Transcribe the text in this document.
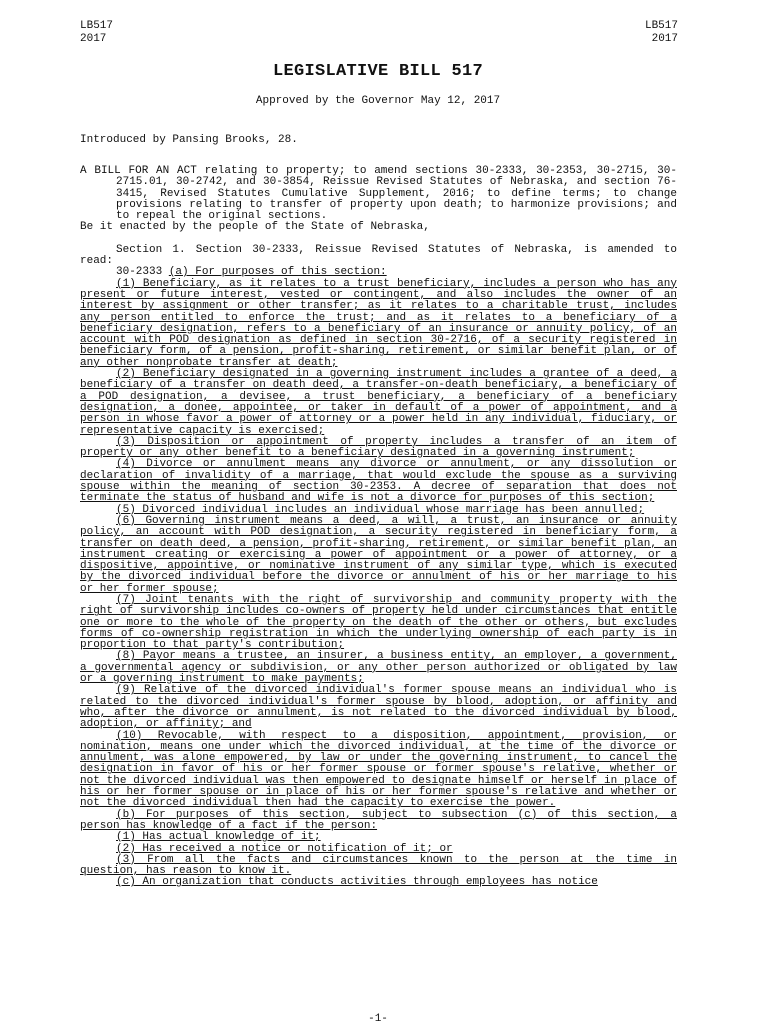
LB517
2017
LB517
2017
LEGISLATIVE BILL 517
Approved by the Governor May 12, 2017
Introduced by Pansing Brooks, 28.

A BILL FOR AN ACT relating to property; to amend sections 30-2333, 30-2353, 30-2715, 30-2715.01, 30-2742, and 30-3854, Reissue Revised Statutes of Nebraska, and section 76-3415, Revised Statutes Cumulative Supplement, 2016; to define terms; to change provisions relating to transfer of property upon death; to harmonize provisions; and to repeal the original sections.

Be it enacted by the people of the State of Nebraska,

Section 1. Section 30-2333, Reissue Revised Statutes of Nebraska, is amended to read:

30-2333 (a) For purposes of this section:

(1) Beneficiary, as it relates to a trust beneficiary, includes a person who has any present or future interest, vested or contingent, and also includes the owner of an interest by assignment or other transfer; as it relates to a charitable trust, includes any person entitled to enforce the trust; and as it relates to a beneficiary of a beneficiary designation, refers to a beneficiary of an insurance or annuity policy, of an account with POD designation as defined in section 30-2716, of a security registered in beneficiary form, of a pension, profit-sharing, retirement, or similar benefit plan, or of any other nonprobate transfer at death;

(2) Beneficiary designated in a governing instrument includes a grantee of a deed, a beneficiary of a transfer on death deed, a transfer-on-death beneficiary, a beneficiary of a POD designation, a devisee, a trust beneficiary, a beneficiary of a beneficiary designation, a donee, appointee, or taker in default of a power of appointment, and a person in whose favor a power of attorney or a power held in any individual, fiduciary, or representative capacity is exercised;

(3) Disposition or appointment of property includes a transfer of an item of property or any other benefit to a beneficiary designated in a governing instrument;

(4) Divorce or annulment means any divorce or annulment, or any dissolution or declaration of invalidity of a marriage, that would exclude the spouse as a surviving spouse within the meaning of section 30-2353. A decree of separation that does not terminate the status of husband and wife is not a divorce for purposes of this section;

(5) Divorced individual includes an individual whose marriage has been annulled;

(6) Governing instrument means a deed, a will, a trust, an insurance or annuity policy, an account with POD designation, a security registered in beneficiary form, a transfer on death deed, a pension, profit-sharing, retirement, or similar benefit plan, an instrument creating or exercising a power of appointment or a power of attorney, or a dispositive, appointive, or nominative instrument of any similar type, which is executed by the divorced individual before the divorce or annulment of his or her marriage to his or her former spouse;

(7) Joint tenants with the right of survivorship and community property with the right of survivorship includes co-owners of property held under circumstances that entitle one or more to the whole of the property on the death of the other or others, but excludes forms of co-ownership registration in which the underlying ownership of each party is in proportion to that party's contribution;

(8) Payor means a trustee, an insurer, a business entity, an employer, a government, a governmental agency or subdivision, or any other person authorized or obligated by law or a governing instrument to make payments;

(9) Relative of the divorced individual's former spouse means an individual who is related to the divorced individual's former spouse by blood, adoption, or affinity and who, after the divorce or annulment, is not related to the divorced individual by blood, adoption, or affinity; and

(10) Revocable, with respect to a disposition, appointment, provision, or nomination, means one under which the divorced individual, at the time of the divorce or annulment, was alone empowered, by law or under the governing instrument, to cancel the designation in favor of his or her former spouse or former spouse's relative, whether or not the divorced individual was then empowered to designate himself or herself in place of his or her former spouse or in place of his or her former spouse's relative and whether or not the divorced individual then had the capacity to exercise the power.

(b) For purposes of this section, subject to subsection (c) of this section, a person has knowledge of a fact if the person:

(1) Has actual knowledge of it;

(2) Has received a notice or notification of it; or

(3) From all the facts and circumstances known to the person at the time in question, has reason to know it.

(c) An organization that conducts activities through employees has notice

-1-
